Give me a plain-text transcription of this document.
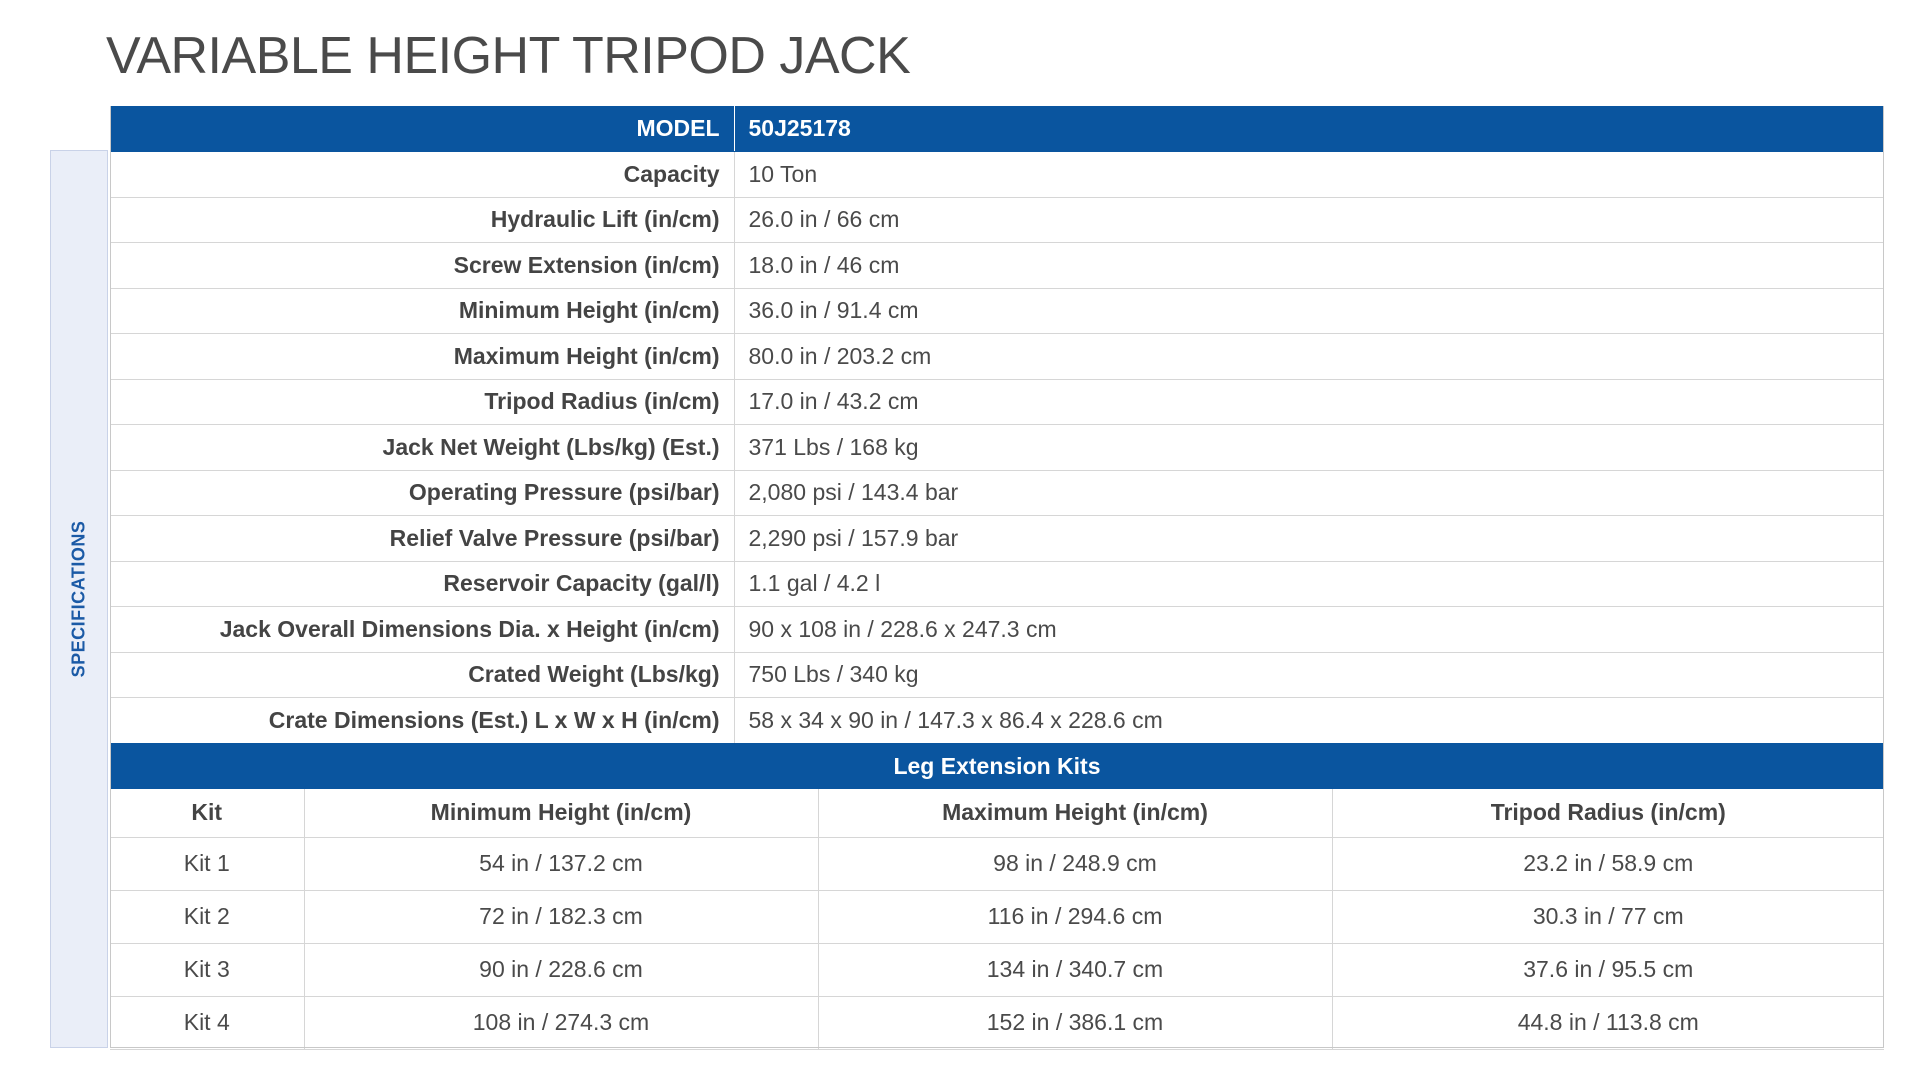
VARIABLE HEIGHT TRIPOD JACK
SPECIFICATIONS
MODEL	50J25178
Capacity	10 Ton
Hydraulic Lift (in/cm)	26.0 in / 66 cm
Screw Extension (in/cm)	18.0 in / 46 cm
Minimum Height (in/cm)	36.0 in / 91.4 cm
Maximum Height (in/cm)	80.0 in / 203.2 cm
Tripod Radius (in/cm)	17.0 in / 43.2 cm
Jack Net Weight (Lbs/kg) (Est.)	371 Lbs / 168 kg
Operating Pressure (psi/bar)	2,080 psi / 143.4 bar
Relief Valve Pressure (psi/bar)	2,290 psi / 157.9 bar
Reservoir Capacity (gal/l)	1.1 gal / 4.2 l
Jack Overall Dimensions Dia. x Height (in/cm)	90 x 108 in / 228.6 x 247.3 cm
Crated Weight (Lbs/kg)	750 Lbs / 340 kg
Crate Dimensions (Est.) L x W x H (in/cm)	58 x 34 x 90 in / 147.3 x 86.4 x 228.6 cm
Leg Extension Kits			
Kit	Minimum Height (in/cm)	Maximum Height (in/cm)	Tripod Radius (in/cm)
Kit 1	54 in / 137.2 cm	98 in / 248.9 cm	23.2 in / 58.9 cm
Kit 2	72 in / 182.3 cm	116 in / 294.6 cm	30.3 in / 77 cm
Kit 3	90 in / 228.6 cm	134 in / 340.7 cm	37.6 in / 95.5 cm
Kit 4	108 in / 274.3 cm	152 in / 386.1 cm	44.8 in / 113.8 cm
